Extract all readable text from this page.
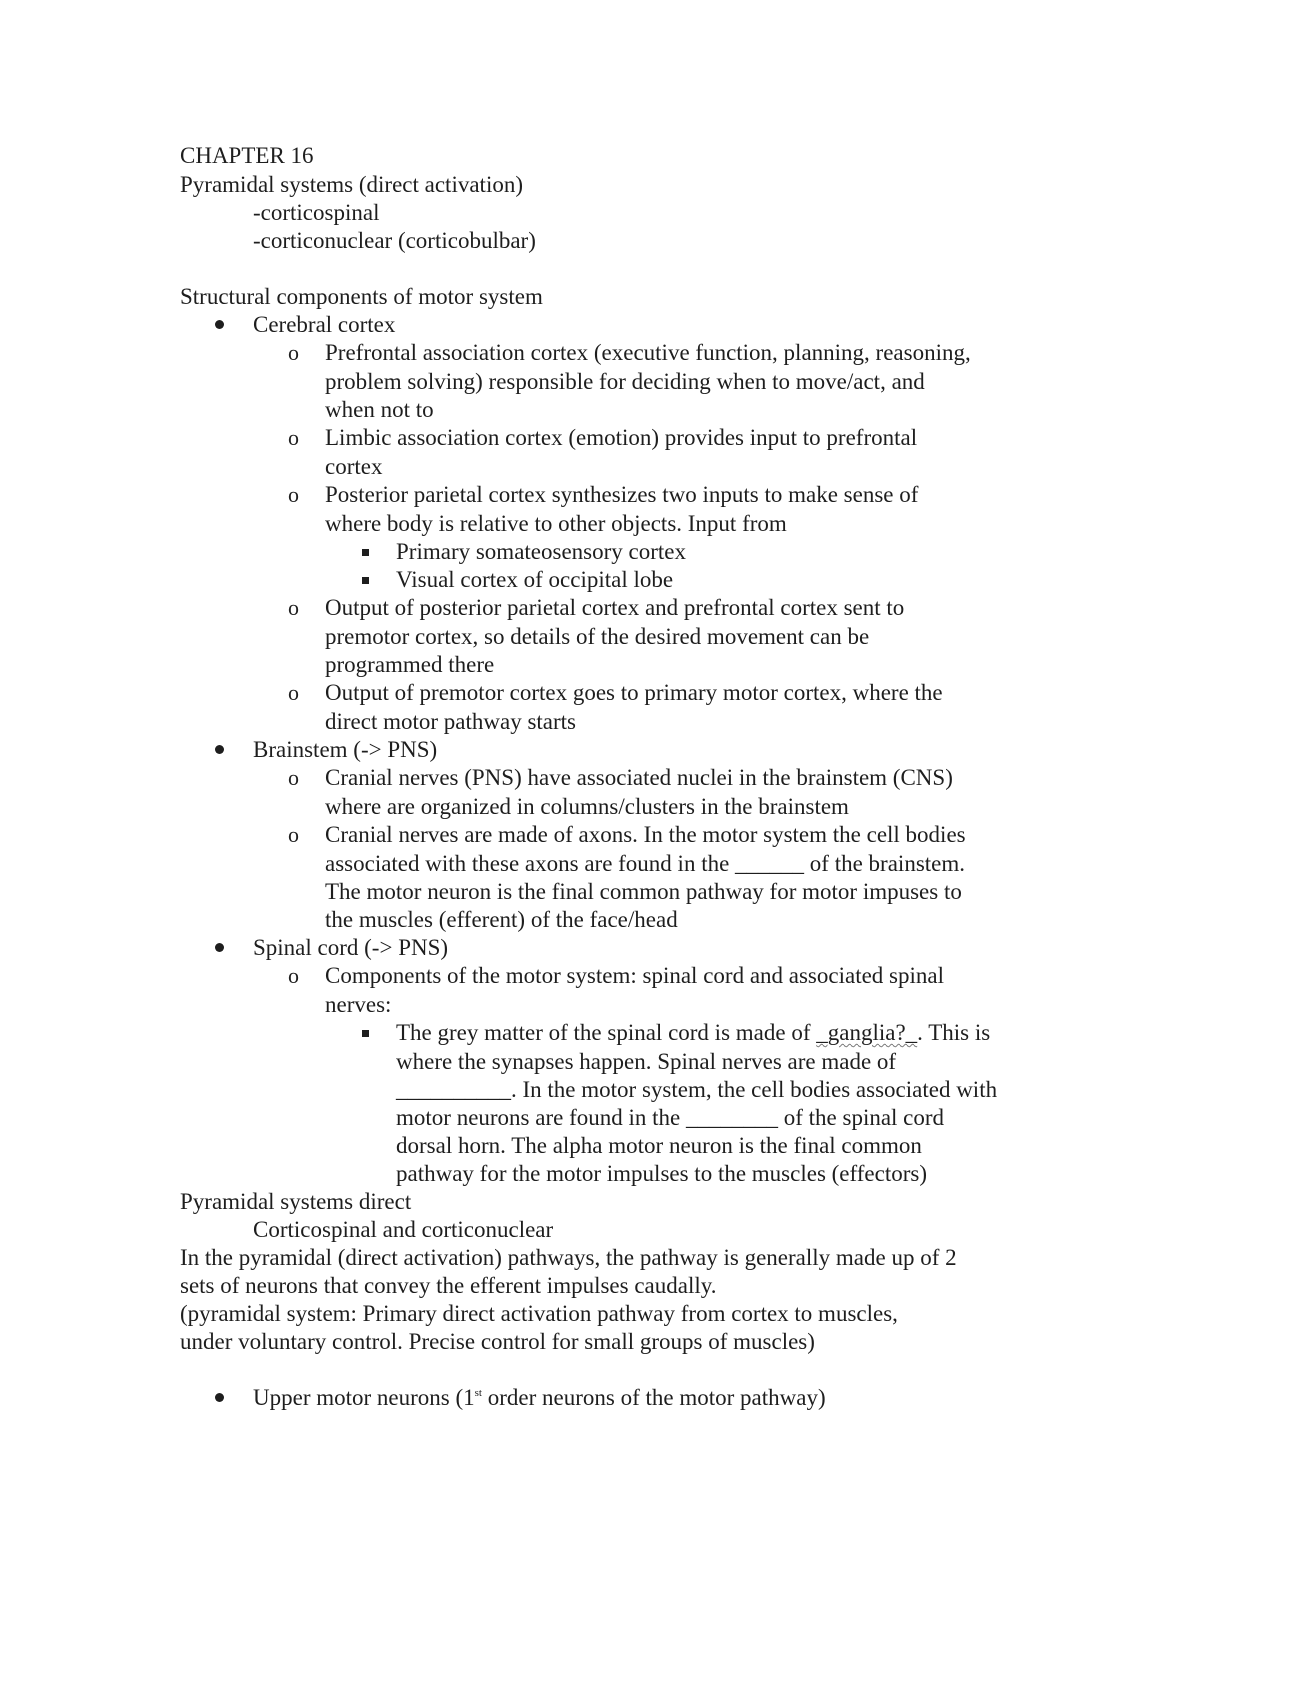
CHAPTER 16
Pyramidal systems (direct activation)
-corticospinal
-corticonuclear (corticobulbar)
Structural components of motor system
Cerebral cortex
o Prefrontal association cortex (executive function, planning, reasoning,
problem solving) responsible for deciding when to move/act, and
when not to
o Limbic association cortex (emotion) provides input to prefrontal
cortex
o Posterior parietal cortex synthesizes two inputs to make sense of
where body is relative to other objects. Input from
Primary somateosensory cortex
Visual cortex of occipital lobe
o Output of posterior parietal cortex and prefrontal cortex sent to
premotor cortex, so details of the desired movement can be
programmed there
o Output of premotor cortex goes to primary motor cortex, where the
direct motor pathway starts
Brainstem (-> PNS)
o Cranial nerves (PNS) have associated nuclei in the brainstem (CNS)
where are organized in columns/clusters in the brainstem
o Cranial nerves are made of axons. In the motor system the cell bodies
associated with these axons are found in the ______ of the brainstem.
The motor neuron is the final common pathway for motor impuses to
the muscles (efferent) of the face/head
Spinal cord (-> PNS)
o Components of the motor system: spinal cord and associated spinal
nerves:
The grey matter of the spinal cord is made of _ganglia?_. This is
where the synapses happen. Spinal nerves are made of
__________. In the motor system, the cell bodies associated with
motor neurons are found in the ________ of the spinal cord
dorsal horn. The alpha motor neuron is the final common
pathway for the motor impulses to the muscles (effectors)
Pyramidal systems direct
Corticospinal and corticonuclear
In the pyramidal (direct activation) pathways, the pathway is generally made up of 2
sets of neurons that convey the efferent impulses caudally.
(pyramidal system: Primary direct activation pathway from cortex to muscles,
under voluntary control. Precise control for small groups of muscles)
Upper motor neurons (1st order neurons of the motor pathway)
